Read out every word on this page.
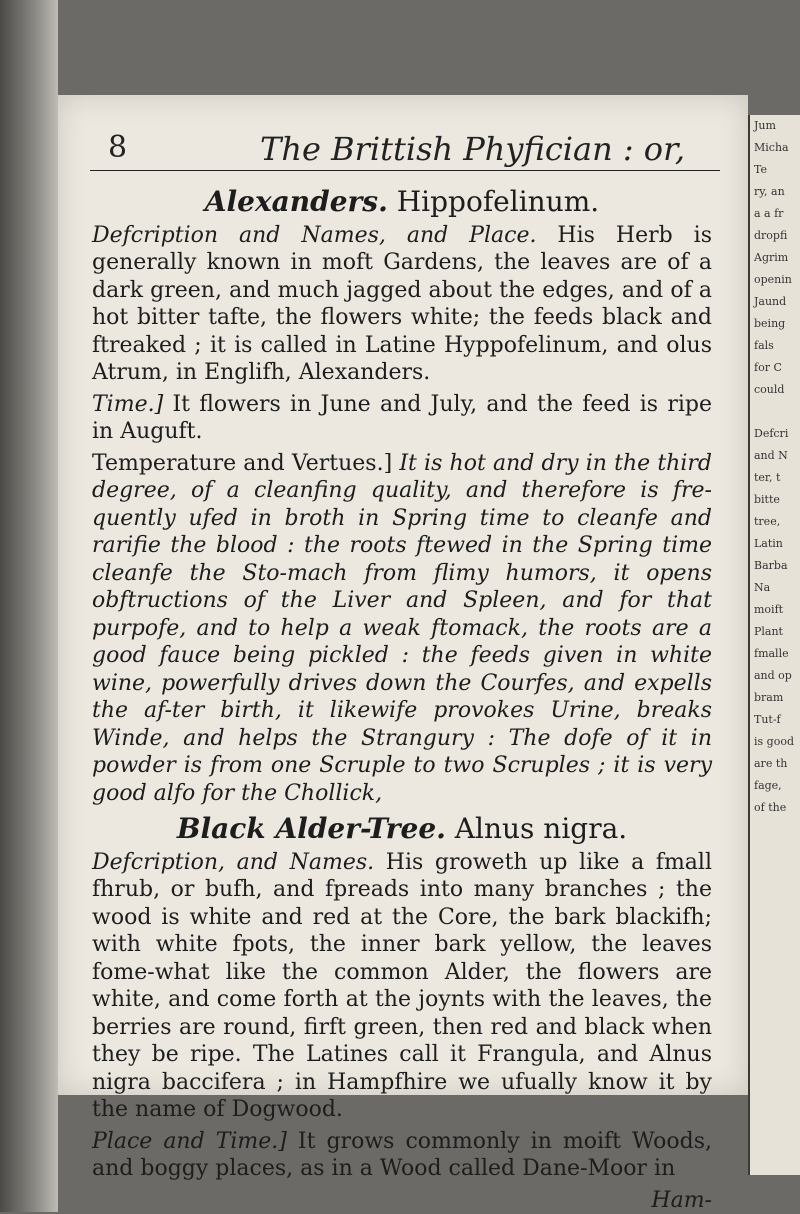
8	The Brittish Phyfician : or,
Alexanders. Hippofelinum.

Defcription and Names, and Place. His Herb is generally known in moft Gardens, the leaves are of a dark green, and much jagged about the edges, and of a hot bitter tafte, the flowers white; the feeds black and ftreaked ; it is called in Latine Hyppofelinum, and olus Atrum, in Englifh, Alexanders.

Time.] It flowers in June and July, and the feed is ripe in Auguft.

Temperature and Vertues.] It is hot and dry in the third degree, of a cleanfing quality, and therefore is fre-quently ufed in broth in Spring time to cleanfe and rarifie the blood : the roots ftewed in the Spring time cleanfe the Sto-mach from flimy humors, it opens obftructions of the Liver and Spleen, and for that purpofe, and to help a weak ftomack, the roots are a good fauce being pickled : the feeds given in white wine, powerfully drives down the Courfes, and expells the af-ter birth, it likewife provokes Urine, breaks Winde, and helps the Strangury : The dofe of it in powder is from one Scruple to two Scruples ; it is very good alfo for the Chollick,

Black Alder-Tree. Alnus nigra.

Defcription, and Names. His groweth up like a fmall fhrub, or bufh, and fpreads into many branches ; the wood is white and red at the Core, the bark blackifh; with white fpots, the inner bark yellow, the leaves fome-what like the common Alder, the flowers are white, and come forth at the joynts with the leaves, the berries are round, firft green, then red and black when they be ripe. The Latines call it Frangula, and Alnus nigra baccifera ; in Hampfhire we ufually know it by the name of Dogwood.

Place and Time.] It grows commonly in moift Woods, and boggy places, as in a Wood called Dane-Moor in

Ham-
Jum
Micha
Te
ry, an
a a fr
dropfi
Agrim
openin
Jaund
being
fals
for C
could

Defcri
and N
ter, t
bitte
tree,
Latin
Barba
Na
moift
Plant
fmalle
and op
bram
Tut-f
is good
are th
fage,
of the
